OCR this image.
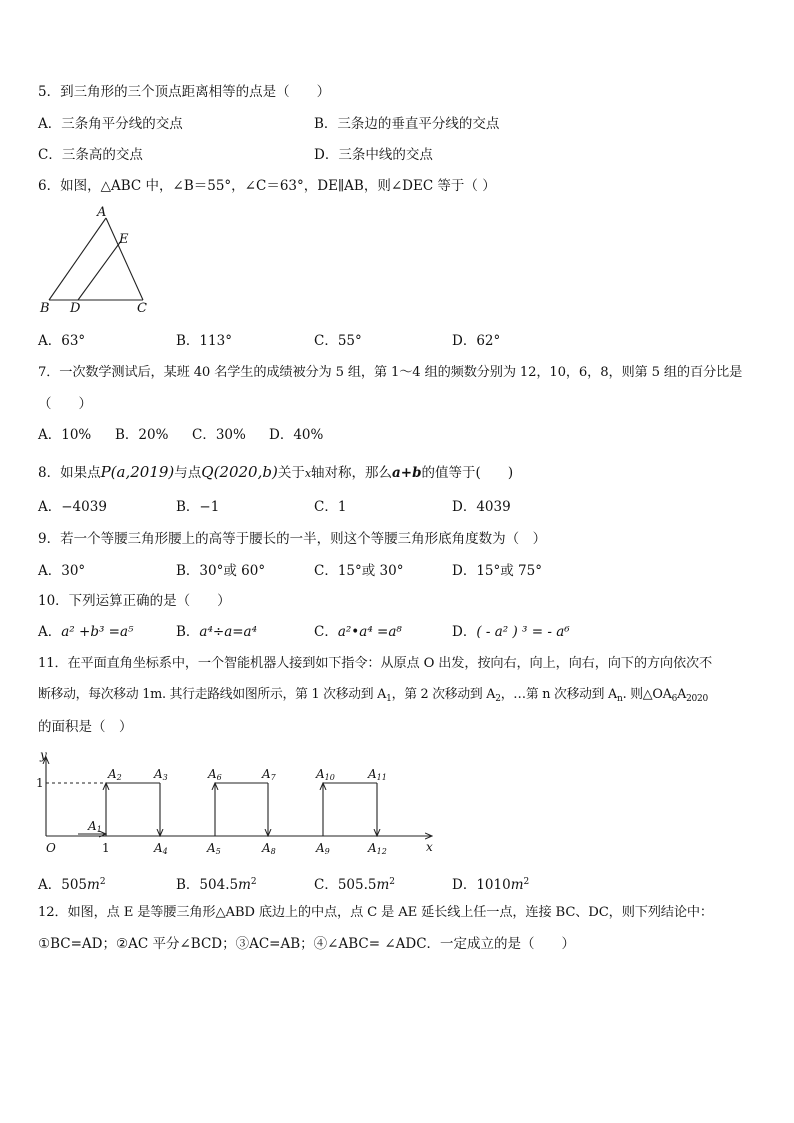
5．到三角形的三个顶点距离相等的点是（　　）
A．三条角平分线的交点	B．三条边的垂直平分线的交点
C．三条高的交点	D．三条中线的交点
6．如图，△ABC 中，∠B＝55°，∠C＝63°，DE∥AB，则∠DEC 等于（ ）
A
E
B D	C
A．63°	B．113°	C．55°	D．62°
7．一次数学测试后，某班 40 名学生的成绩被分为 5 组，第 1～4 组的频数分别为 12，10，6，8，则第 5 组的百分比是
（　　）
A．10% B．20% C．30% D．40%
8．如果点P(a,2019)与点Q(2020,b)关于x轴对称，那么a+b的值等于(　　)
A．−4039	B．−1	C．1	D．4039
9．若一个等腰三角形腰上的高等于腰长的一半，则这个等腰三角形底角度数为（　）
A．30°	B．30°或 60°	C．15°或 30°	D．15°或 75°
10．下列运算正确的是（　　）
A．a² +b³ =a⁵	B．a⁴÷a=a⁴	C．a²•a⁴ =a⁸	D．( - a² ) ³ = - a⁶
11．在平面直角坐标系中，一个智能机器人接到如下指令：从原点 O 出发，按向右，向上，向右，向下的方向依次不
断移动，每次移动 1m. 其行走路线如图所示，第 1 次移动到 $A_1$，第 2 次移动到 $A_2$，…第 n 次移动到 $A_n$. 则$\triangle OA_6A_{2020}$
的面积是（　）
y
x
O
1
1
A1
A2	A3
A4	A5
A6	A7
A8	A9
A10	A11
A12
A．$505m^2$	B．$504.5m^2$	C．$505.5m^2$	D．$1010m^2$
12．如图，点 E 是等腰三角形△ABD 底边上的中点，点 C 是 AE 延长线上任一点，连接 BC、DC，则下列结论中：
①BC=AD；②AC 平分∠BCD；③AC=AB；④∠ABC= ∠ADC．一定成立的是（　　）
